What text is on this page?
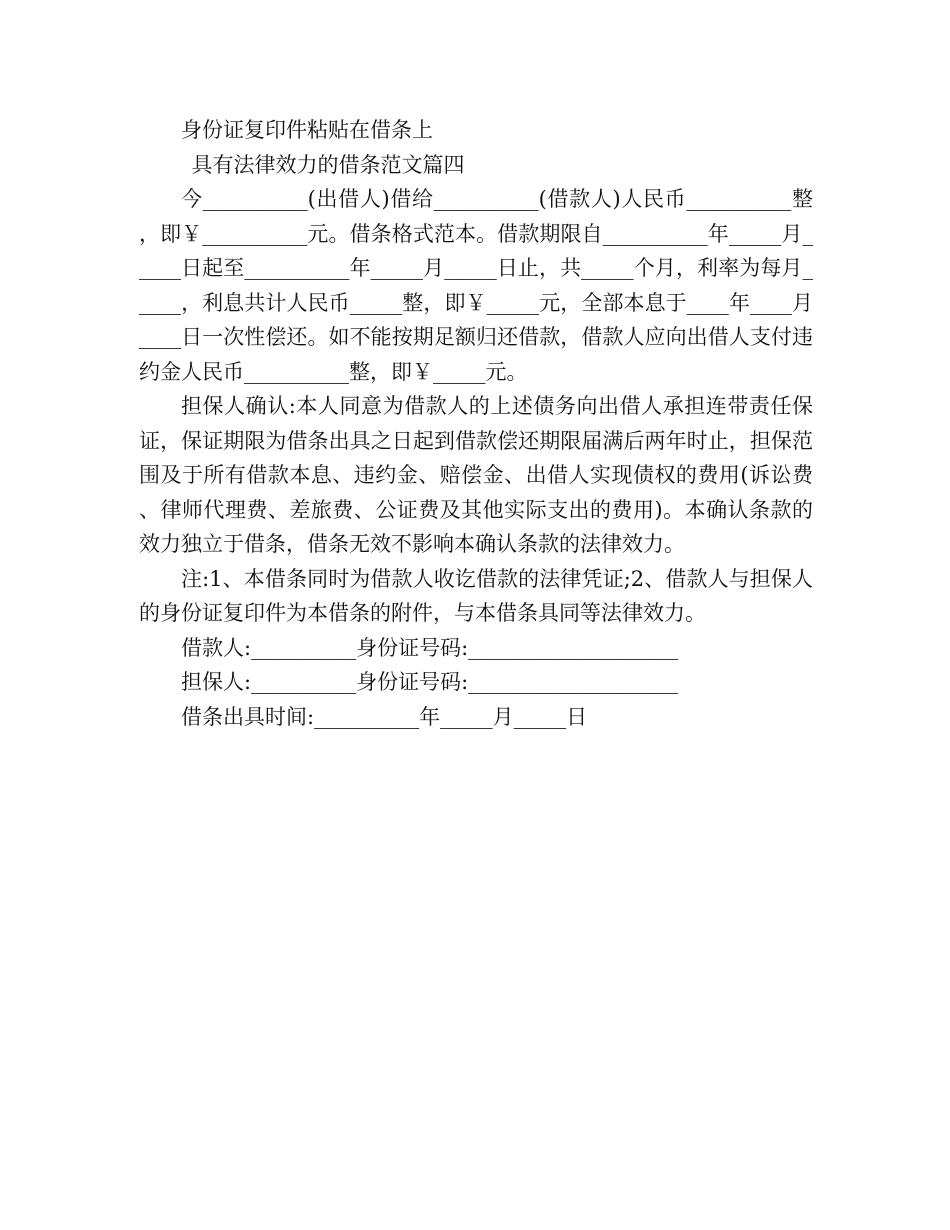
身份证复印件粘贴在借条上

具有法律效力的借条范文篇四

今__________(出借人)借给__________(借款人)人民币__________整，即￥__________元。借条格式范本。借款期限自__________年_____月_____日起至__________年_____月_____日止，共_____个月，利率为每月_____，利息共计人民币_____整，即￥_____元，全部本息于____年____月____日一次性偿还。如不能按期足额归还借款，借款人应向出借人支付违约金人民币__________整，即￥_____元。

担保人确认:本人同意为借款人的上述债务向出借人承担连带责任保证，保证期限为借条出具之日起到借款偿还期限届满后两年时止，担保范围及于所有借款本息、违约金、赔偿金、出借人实现债权的费用(诉讼费、律师代理费、差旅费、公证费及其他实际支出的费用)。本确认条款的效力独立于借条，借条无效不影响本确认条款的法律效力。

注:1、本借条同时为借款人收讫借款的法律凭证;2、借款人与担保人的身份证复印件为本借条的附件，与本借条具同等法律效力。

借款人:__________身份证号码:____________________

担保人:__________身份证号码:____________________

借条出具时间:__________年_____月_____日
